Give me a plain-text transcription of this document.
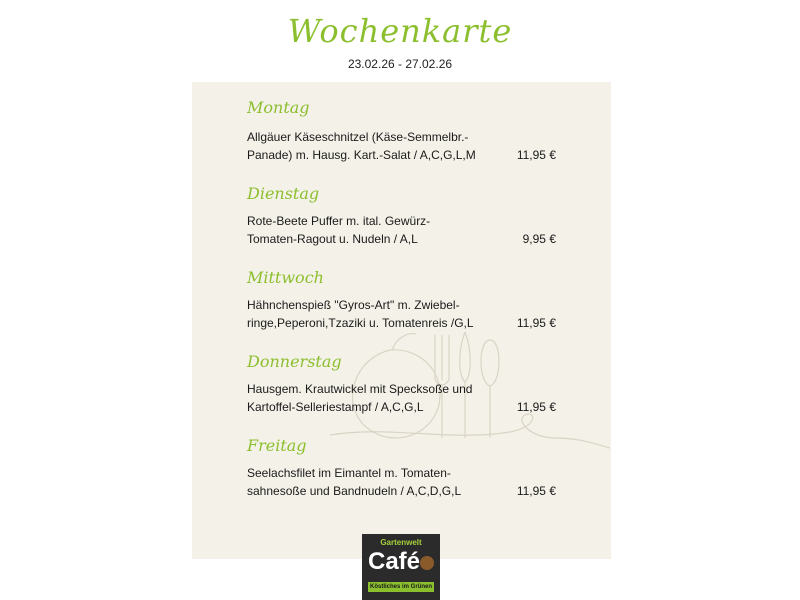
Wochenkarte
23.02.26 - 27.02.26
Montag
Allgäuer Käseschnitzel (Käse-Semmelbr.-
Panade) m. Hausg. Kart.-Salat / A,C,G,L,M	11,95 €
Dienstag
Rote-Beete Puffer m. ital. Gewürz-
Tomaten-Ragout u. Nudeln / A,L	9,95 €
Mittwoch
Hähnchenspieß "Gyros-Art" m. Zwiebel-
ringe,Peperoni,Tzaziki u. Tomatenreis /G,L	11,95 €
Donnerstag
Hausgem. Krautwickel mit Specksoße und
Kartoffel-Selleriestampf / A,C,G,L	11,95 €
Freitag
Seelachsfilet im Eimantel m. Tomaten-
sahnesoße und Bandnudeln / A,C,D,G,L	11,95 €
Gartenwelt
Café
Köstliches im Grünen
